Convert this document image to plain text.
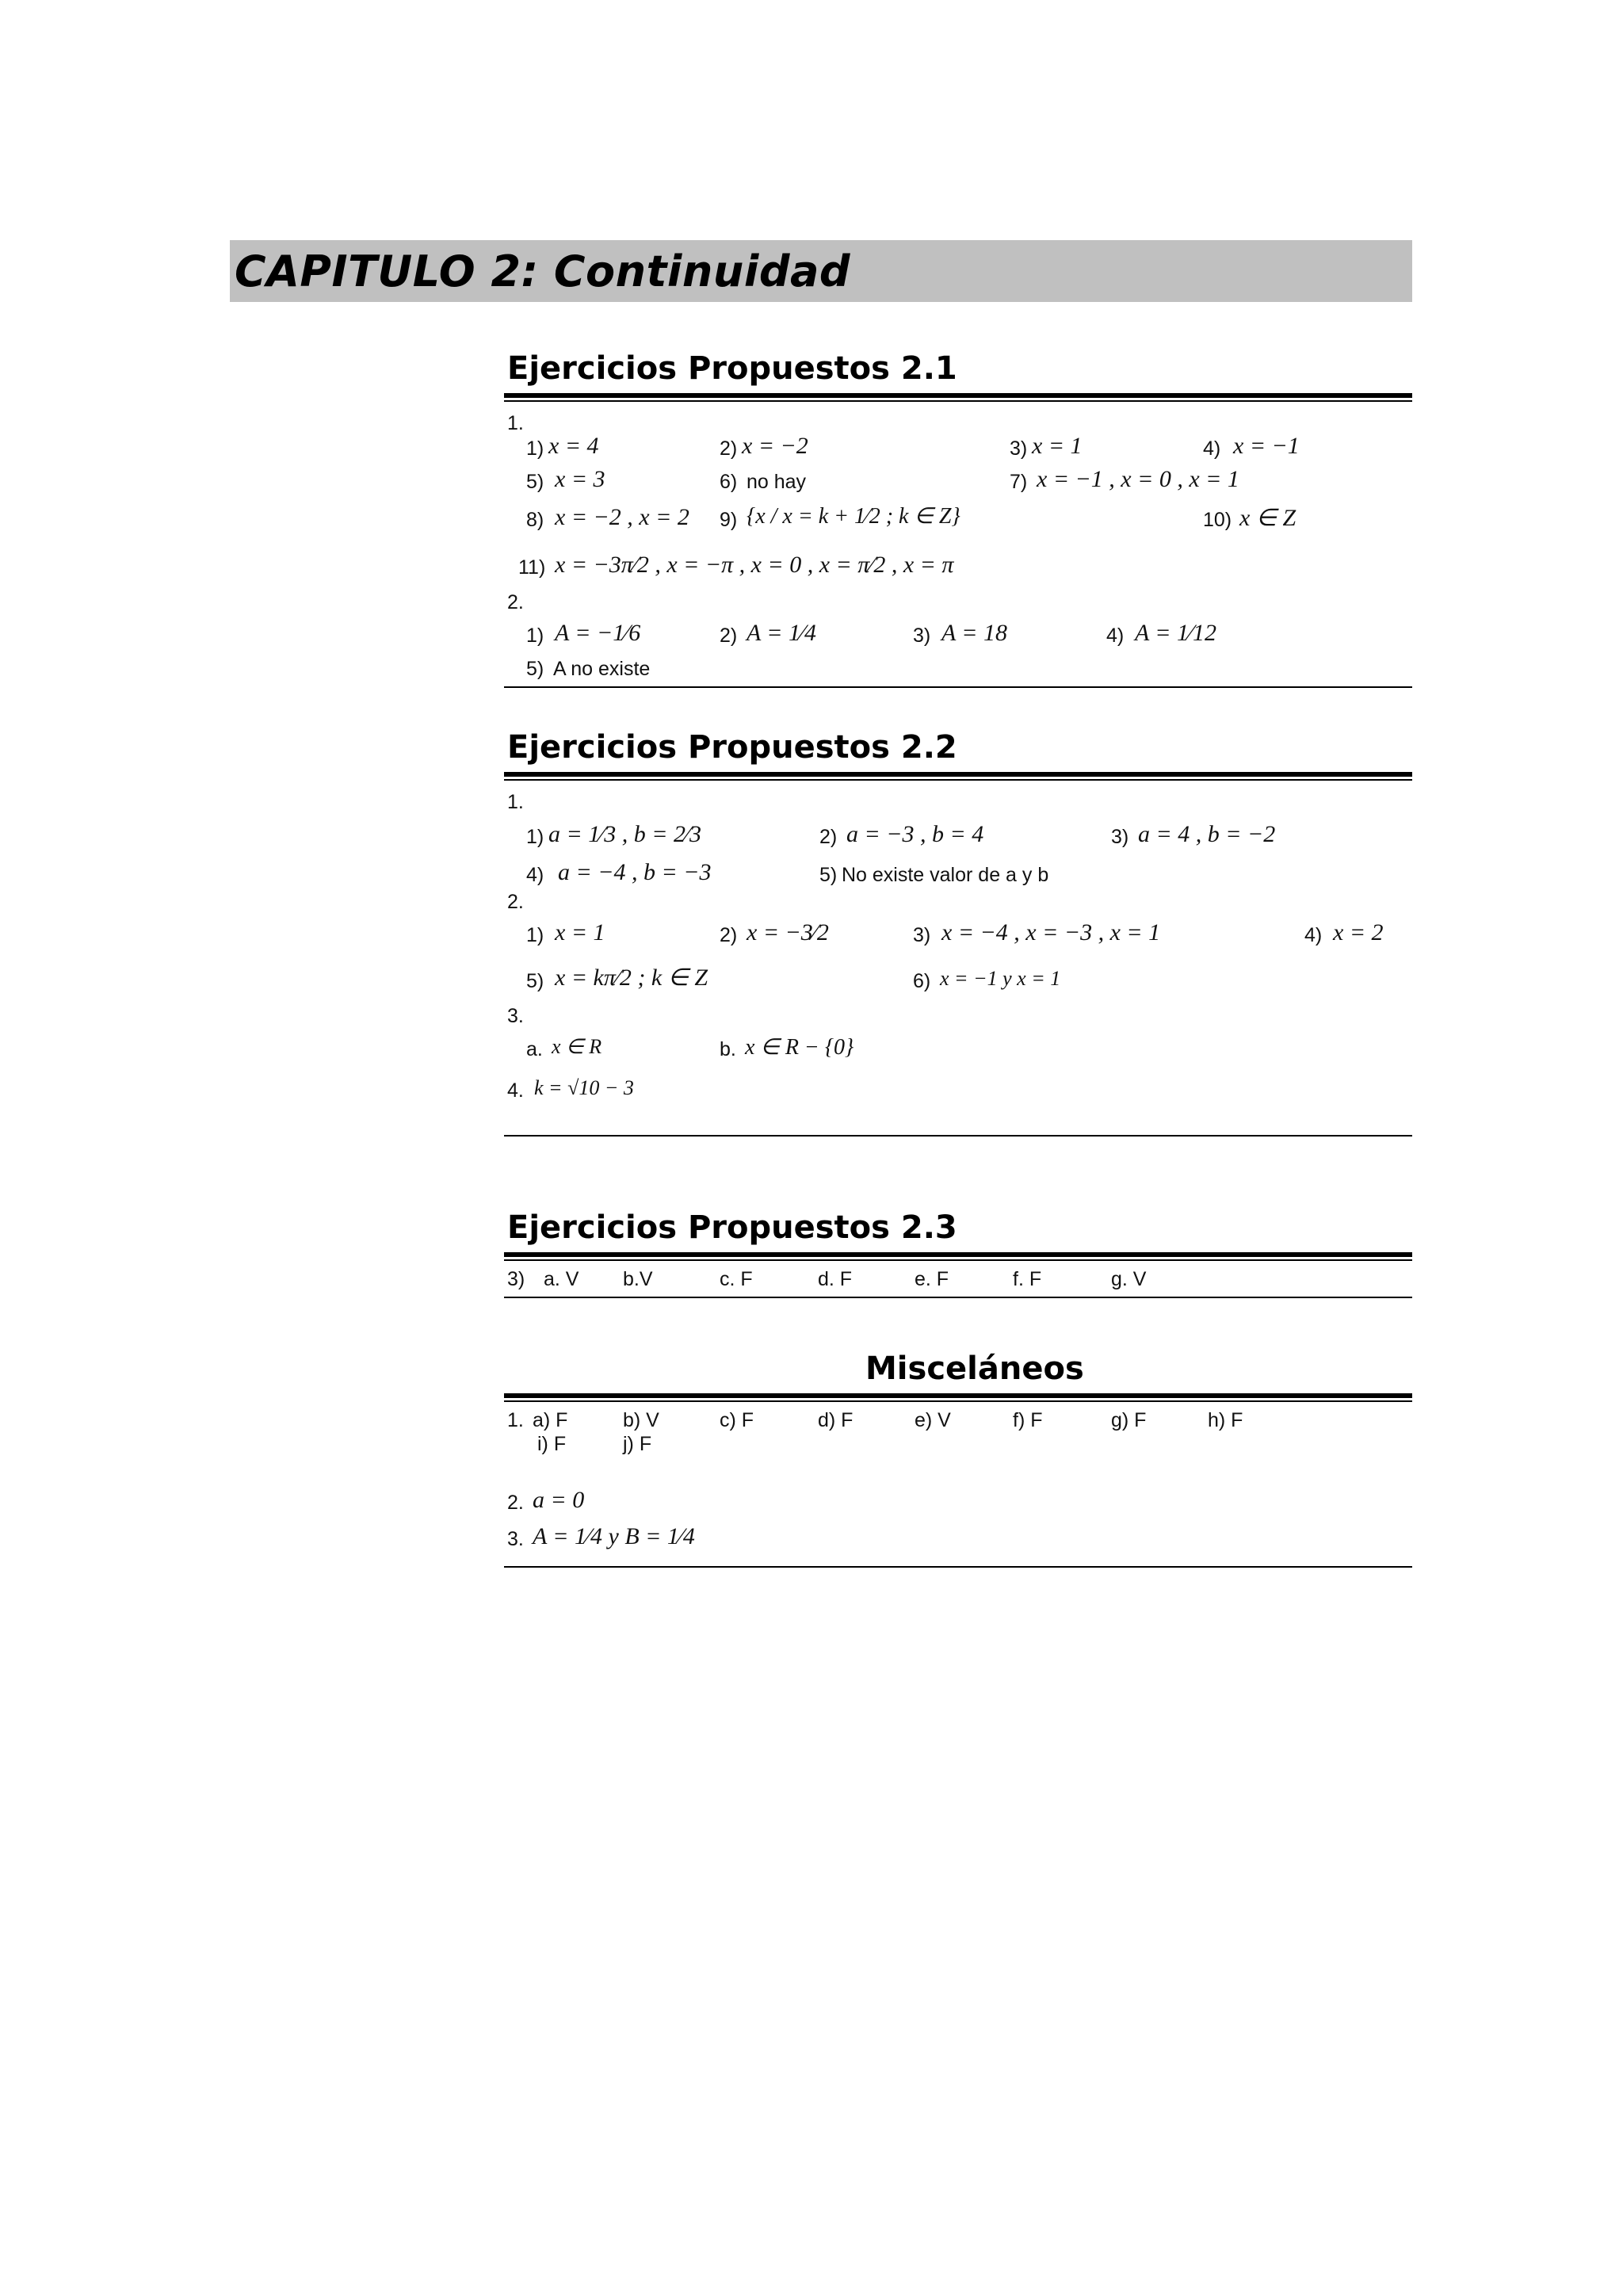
CAPITULO 2: Continuidad
Ejercicios Propuestos 2.1
1.
1) x = 4	2) x = −2	3) x = 1	4) x = −1
5) x = 3	6) no hay	7) x = −1 , x = 0 , x = 1
8) x = −2 , x = 2 9) {x / x = k + 1⁄2 ; k ∈ Z}	10) x ∈ Z
11) x = −3π⁄2 , x = −π , x = 0 , x = π⁄2 , x = π
2.
1) A = −1⁄6	2) A = 1⁄4	3) A = 18	4) A = 1⁄12
5) A no existe
Ejercicios Propuestos 2.2
1.
1) a = 1⁄3 , b = 2⁄3	2) a = −3 , b = 4	3) a = 4 , b = −2
4) a = −4 , b = −3	5) No existe valor de a y b
2.
1) x = 1	2) x = −3⁄2	3) x = −4 , x = −3 , x = 1	4) x = 2
5) x = kπ⁄2 ; k ∈ Z	6) x = −1 y x = 1
3.
a. x ∈ R	b. x ∈ R − {0}
4. k = √10 − 3
Ejercicios Propuestos 2.3
3) a. V b.V	c. F	d. F	e. F	f. F	g. V
Misceláneos
1. a) F	b) V	c) F	d) F	e) V	f) F	g) F	h) F
i) F	j) F
2. a = 0
3. A = 1⁄4 y B = 1⁄4
